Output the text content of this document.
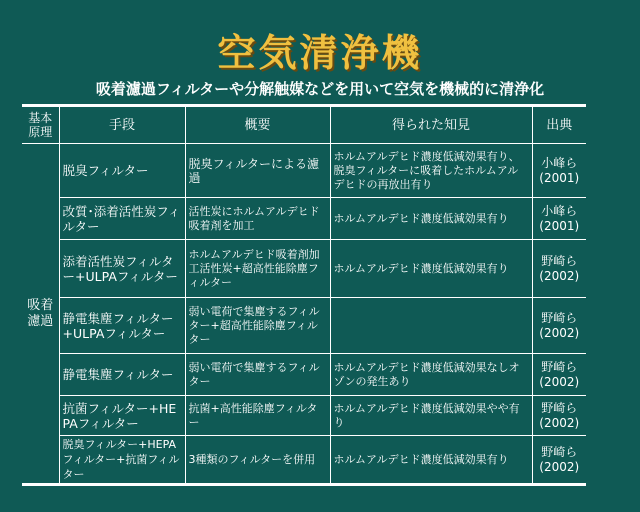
空気清浄機
吸着濾過フィルターや分解触媒などを用いて空気を機械的に清浄化
基本原理	手段	概要	得られた知見	出典
吸着濾過	脱臭フィルター	脱臭フィルターによる濾過	ホルムアルデヒド濃度低減効果有り、脱臭フィルターに吸着したホルムアルデヒドの再放出有り	小峰ら(2001)
	改質･添着活性炭フィルター	活性炭にホルムアルデヒド吸着剤を加工	ホルムアルデヒド濃度低減効果有り	小峰ら(2001)
	添着活性炭フィルター+ULPAフィルター	ホルムアルデヒド吸着剤加工活性炭+超高性能除塵フィルター	ホルムアルデヒド濃度低減効果有り	野崎ら(2002)
	静電集塵フィルター+ULPAフィルター	弱い電荷で集塵するフィルター+超高性能除塵フィルター		野崎ら(2002)
	静電集塵フィルター	弱い電荷で集塵するフィルター	ホルムアルデヒド濃度低減効果なしオゾンの発生あり	野崎ら(2002)
	抗菌フィルター+HEPAフィルター	抗菌+高性能除塵フィルター	ホルムアルデヒド濃度低減効果やや有り	野崎ら(2002)
	脱臭フィルター+HEPAフィルター+抗菌フィルター	3種類のフィルターを併用	ホルムアルデヒド濃度低減効果有り	野崎ら(2002)
